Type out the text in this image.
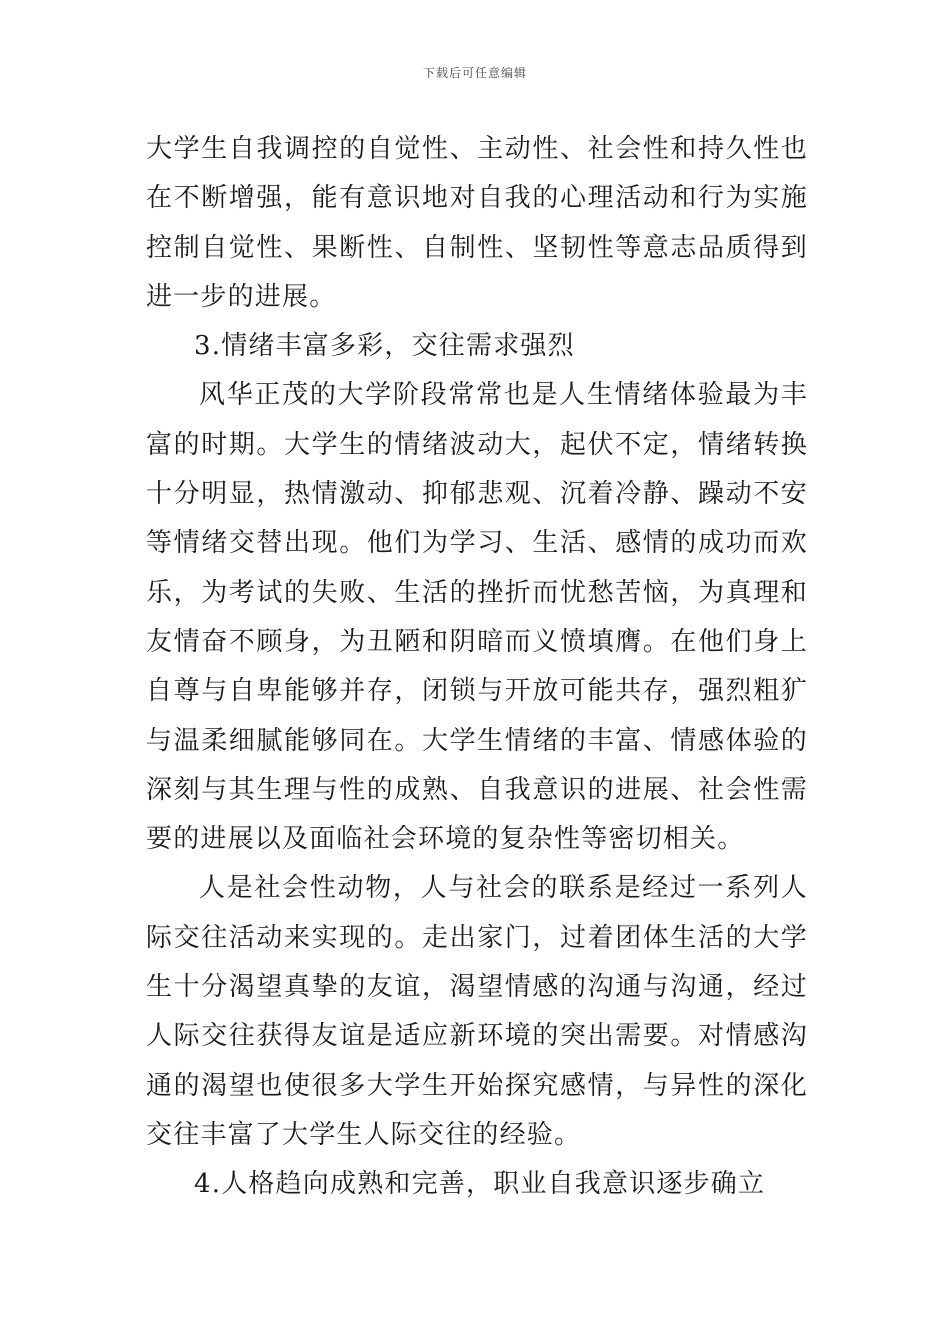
下载后可任意编辑

大学生自我调控的自觉性、主动性、社会性和持久性也在不断增强，能有意识地对自我的心理活动和行为实施控制自觉性、果断性、自制性、坚韧性等意志品质得到进一步的进展。

3.情绪丰富多彩，交往需求强烈

风华正茂的大学阶段常常也是人生情绪体验最为丰富的时期。大学生的情绪波动大，起伏不定，情绪转换十分明显，热情激动、抑郁悲观、沉着冷静、躁动不安等情绪交替出现。他们为学习、生活、感情的成功而欢乐，为考试的失败、生活的挫折而忧愁苦恼，为真理和友情奋不顾身，为丑陋和阴暗而义愤填膺。在他们身上自尊与自卑能够并存，闭锁与开放可能共存，强烈粗犷与温柔细腻能够同在。大学生情绪的丰富、情感体验的深刻与其生理与性的成熟、自我意识的进展、社会性需要的进展以及面临社会环境的复杂性等密切相关。

人是社会性动物，人与社会的联系是经过一系列人际交往活动来实现的。走出家门，过着团体生活的大学生十分渴望真挚的友谊，渴望情感的沟通与沟通，经过人际交往获得友谊是适应新环境的突出需要。对情感沟通的渴望也使很多大学生开始探究感情，与异性的深化交往丰富了大学生人际交往的经验。

4.人格趋向成熟和完善，职业自我意识逐步确立
